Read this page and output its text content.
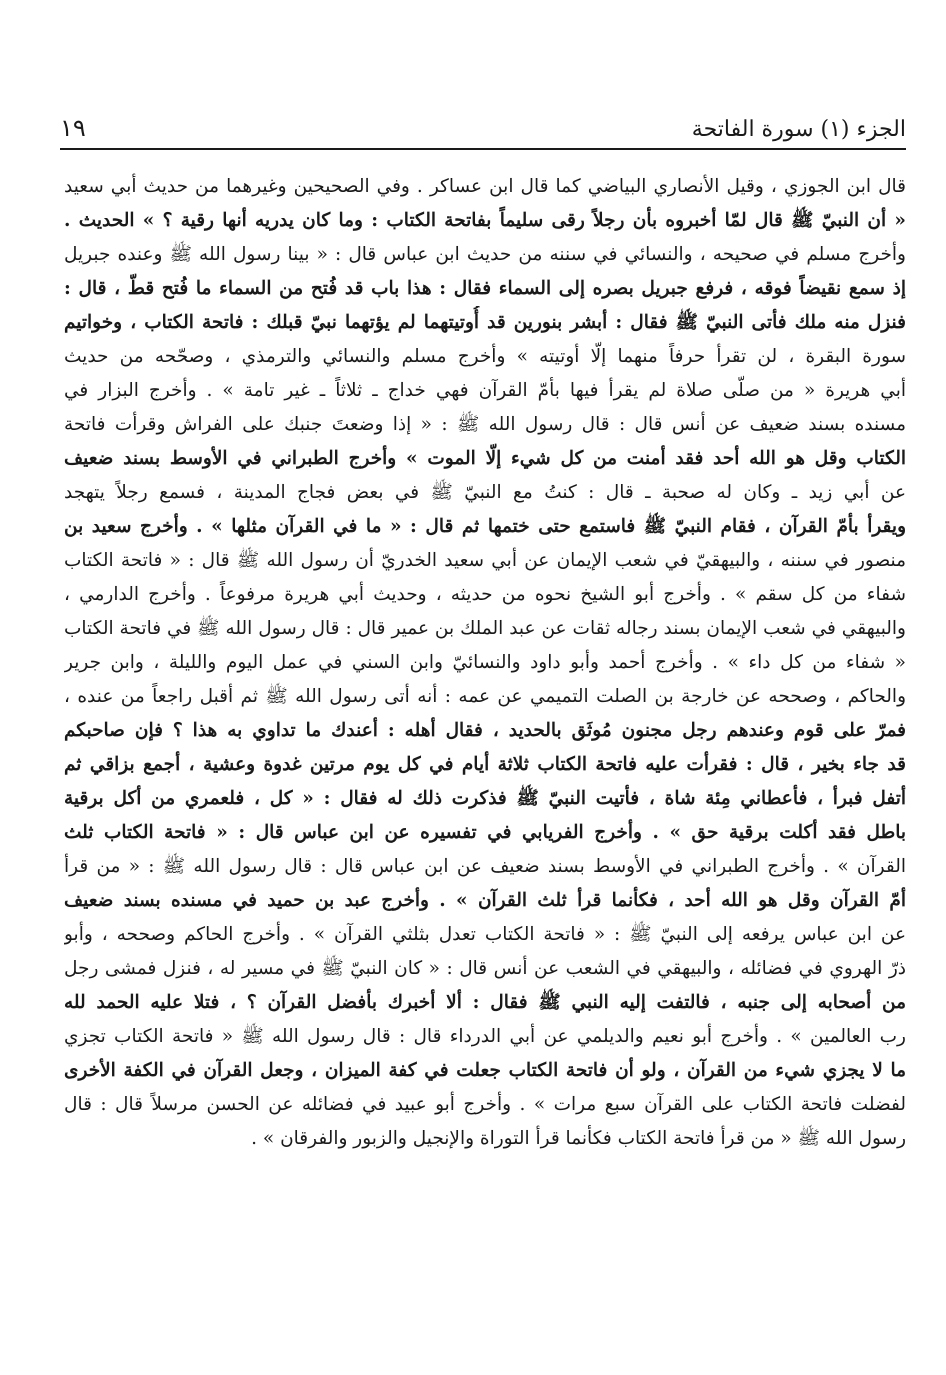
الجزء (١) سورة الفاتحة
١٩
قال ابن الجوزي ، وقيل الأنصاري البياضي كما قال ابن عساكر . وفي الصحيحين وغيرهما من حديث أبي سعيد
« أن النبيّ ﷺ قال لمّا أخبروه بأن رجلاً رقى سليماً بفاتحة الكتاب : وما كان يدريه أنها رقية ؟ » الحديث .
وأخرج مسلم في صحيحه ، والنسائي في سننه من حديث ابن عباس قال : « بينا رسول الله ﷺ وعنده جبريل
إذ سمع نقيضاً فوقه ، فرفع جبريل بصره إلى السماء فقال : هذا باب قد فُتح من السماء ما فُتح قطّ ، قال :
فنزل منه ملك فأتى النبيّ ﷺ فقال : أبشر بنورين قد أُوتيتهما لم يؤتهما نبيّ قبلك : فاتحة الكتاب ، وخواتيم
سورة البقرة ، لن تقرأ حرفاً منهما إلّا أوتيته » وأخرج مسلم والنسائي والترمذي ، وصحّحه من حديث
أبي هريرة « من صلّى صلاة لم يقرأ فيها بأمّ القرآن فهي خداج ـ ثلاثاً ـ غير تامة » . وأخرج البزار في
مسنده بسند ضعيف عن أنس قال : قال رسول الله ﷺ : « إذا وضعتَ جنبك على الفراش وقرأت فاتحة
الكتاب وقل هو الله أحد فقد أمنت من كل شيء إلّا الموت » وأخرج الطبراني في الأوسط بسند ضعيف
عن أبي زيد ـ وكان له صحبة ـ قال : كنتُ مع النبيّ ﷺ في بعض فجاج المدينة ، فسمع رجلاً يتهجد
ويقرأ بأمّ القرآن ، فقام النبيّ ﷺ فاستمع حتى ختمها ثم قال : « ما في القرآن مثلها » . وأخرج سعيد بن
منصور في سننه ، والبيهقيّ في شعب الإيمان عن أبي سعيد الخدريّ أن رسول الله ﷺ قال : « فاتحة الكتاب
شفاء من كل سقم » . وأخرج أبو الشيخ نحوه من حديثه ، وحديث أبي هريرة مرفوعاً . وأخرج الدارمي ،
والبيهقي في شعب الإيمان بسند رجاله ثقات عن عبد الملك بن عمير قال : قال رسول الله ﷺ في فاتحة الكتاب
« شفاء من كل داء » . وأخرج أحمد وأبو داود والنسائيّ وابن السني في عمل اليوم والليلة ، وابن جرير
والحاكم ، وصححه عن خارجة بن الصلت التميمي عن عمه : أنه أتى رسول الله ﷺ ثم أقبل راجعاً من عنده ،
فمرّ على قوم وعندهم رجل مجنون مُوثَق بالحديد ، فقال أهله : أعندك ما تداوي به هذا ؟ فإن صاحبكم
قد جاء بخير ، قال : فقرأت عليه فاتحة الكتاب ثلاثة أيام في كل يوم مرتين غدوة وعشية ، أجمع بزاقي ثم
أتفل فبرأ ، فأعطاني مِئة شاة ، فأتيت النبيّ ﷺ فذكرت ذلك له فقال : « كل ، فلعمري من أكل برقية
باطل فقد أكلت برقية حق » . وأخرج الفريابي في تفسيره عن ابن عباس قال : « فاتحة الكتاب ثلث
القرآن » . وأخرج الطبراني في الأوسط بسند ضعيف عن ابن عباس قال : قال رسول الله ﷺ : « من قرأ
أمّ القرآن وقل هو الله أحد ، فكأنما قرأ ثلث القرآن » . وأخرج عبد بن حميد في مسنده بسند ضعيف
عن ابن عباس يرفعه إلى النبيّ ﷺ : « فاتحة الكتاب تعدل بثلثي القرآن » . وأخرج الحاكم وصححه ، وأبو
ذرّ الهروي في فضائله ، والبيهقي في الشعب عن أنس قال : « كان النبيّ ﷺ في مسير له ، فنزل فمشى رجل
من أصحابه إلى جنبه ، فالتفت إليه النبي ﷺ فقال : ألا أخبرك بأفضل القرآن ؟ ، فتلا عليه الحمد لله
رب العالمين » . وأخرج أبو نعيم والديلمي عن أبي الدرداء قال : قال رسول الله ﷺ « فاتحة الكتاب تجزي
ما لا يجزي شيء من القرآن ، ولو أن فاتحة الكتاب جعلت في كفة الميزان ، وجعل القرآن في الكفة الأخرى
لفضلت فاتحة الكتاب على القرآن سبع مرات » . وأخرج أبو عبيد في فضائله عن الحسن مرسلاً قال : قال
رسول الله ﷺ « من قرأ فاتحة الكتاب فكأنما قرأ التوراة والإنجيل والزبور والفرقان » .
